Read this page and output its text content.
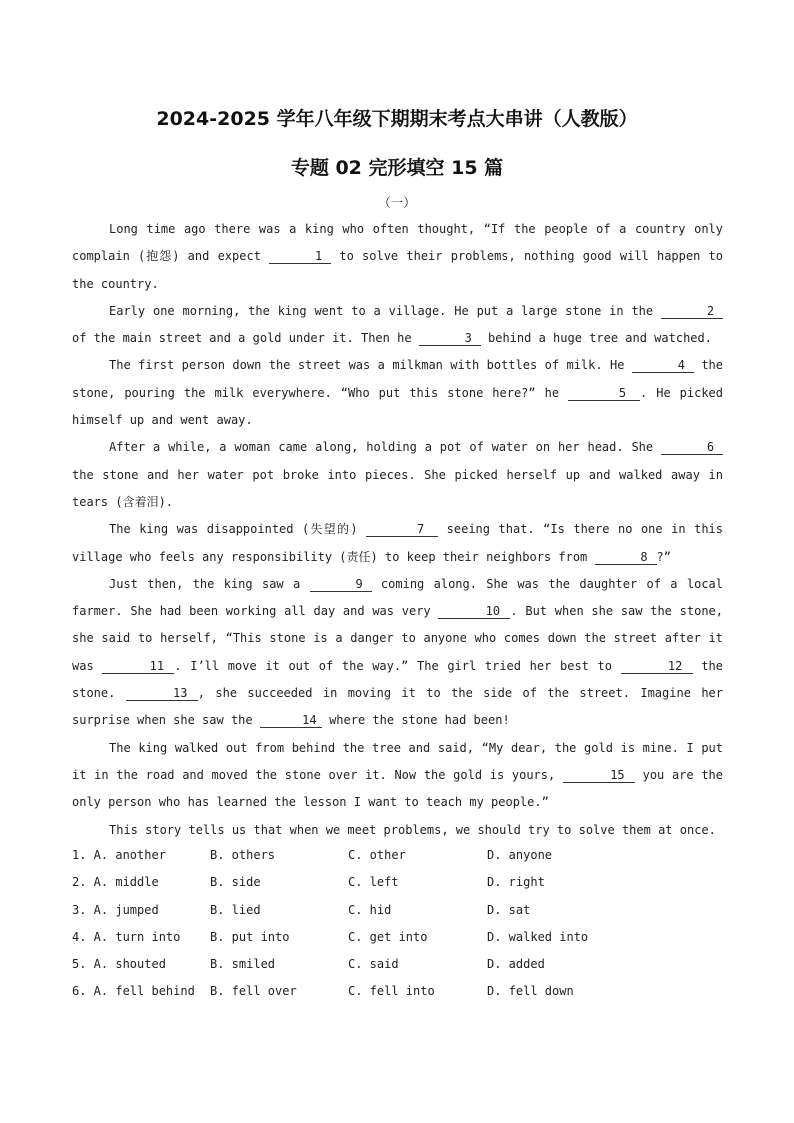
2024-2025 学年八年级下期期末考点大串讲（人教版）
专题 02 完形填空 15 篇
（一）

Long time ago there was a king who often thought, “If the people of a country only complain (抱怨) and expect	1 to solve their problems, nothing good will happen to the country.

Early one morning, the king went to a village. He put a large stone in the	2 of the main street and a gold under it. Then he	3 behind a huge tree and watched.

The first person down the street was a milkman with bottles of milk. He	4 the stone, pouring the milk everywhere. “Who put this stone here?” he	5 . He picked himself up and went away.

After a while, a woman came along, holding a pot of water on her head. She	6 the stone and her water pot broke into pieces. She picked herself up and walked away in tears (含着泪).

The king was disappointed (失望的)	7 seeing that. “Is there no one in this village who feels any responsibility (责任) to keep their neighbors from	8 ?”

Just then, the king saw a	9 coming along. She was the daughter of a local farmer. She had been working all day and was very	10 . But when she saw the stone, she said to herself, “This stone is a danger to anyone who comes down the street after it was	11 . I’ll move it out of the way.” The girl tried her best to	12 the stone.	13 , she succeeded in moving it to the side of the street. Imagine her surprise when she saw the	14 where the stone had been!

The king walked out from behind the tree and said, “My dear, the gold is mine. I put it in the road and moved the stone over it. Now the gold is yours,	15 you are the only person who has learned the lesson I want to teach my people.”

This story tells us that when we meet problems, we should try to solve them at once.

1. A. another	B. others	C. other	D. anyone
2. A. middle	B. side	C. left	D. right
3. A. jumped	B. lied	C. hid	D. sat
4. A. turn into	B. put into	C. get into	D. walked into
5. A. shouted	B. smiled	C. said	D. added
6. A. fell behind	B. fell over	C. fell into	D. fell down
